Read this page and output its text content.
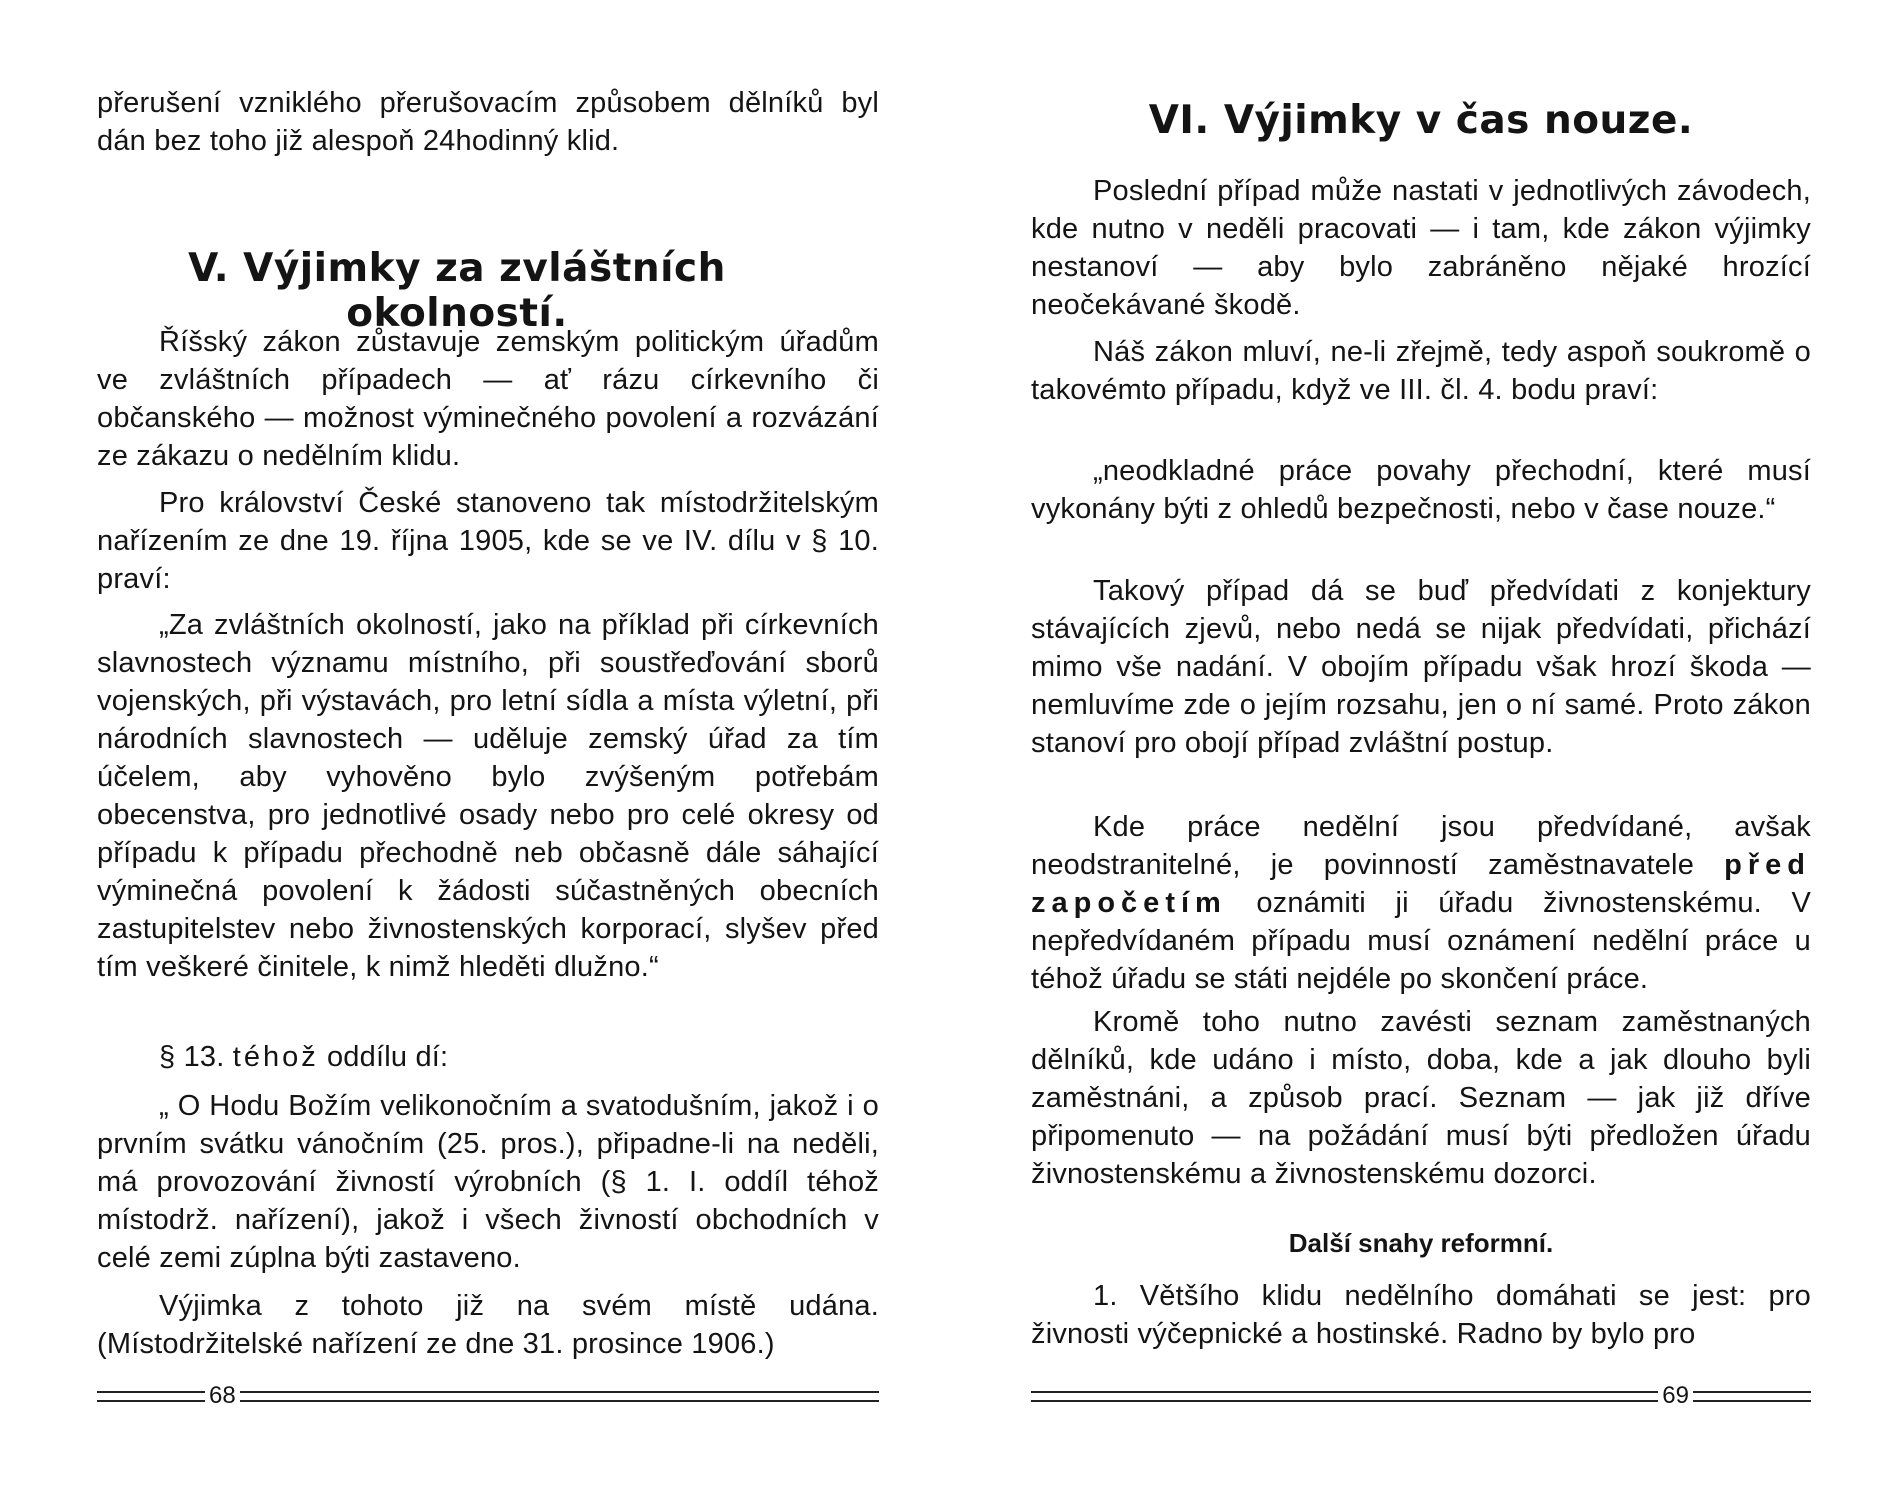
přerušení vzniklého přerušovacím způsobem dělníků byl dán bez toho již alespoň 24hodinný klid.

V. Výjimky za zvláštních okolností.

Říšský zákon zůstavuje zemským politickým úřadům ve zvláštních případech — ať rázu církevního či občanského — možnost výminečného povolení a rozvázání ze zákazu o nedělním klidu.

Pro království České stanoveno tak místodržitelským nařízením ze dne 19. října 1905, kde se ve IV. dílu v § 10. praví:

„Za zvláštních okolností, jako na příklad při církevních slavnostech významu místního, při soustřeďování sborů vojenských, při výstavách, pro letní sídla a místa výletní, při národních slavnostech — uděluje zemský úřad za tím účelem, aby vyhověno bylo zvýšeným potřebám obecenstva, pro jednotlivé osady nebo pro celé okresy od případu k případu přechodně neb občasně dále sáhající výminečná povolení k žádosti súčastněných obecních zastupitelstev nebo živnostenských korporací, slyšev před tím veškeré činitele, k nimž hleděti dlužno.“

§ 13. téhož oddílu dí:

„ O Hodu Božím velikonočním a svatodušním, jakož i o prvním svátku vánočním (25. pros.), připadne-li na neděli, má provozování živností výrobních (§ 1. I. oddíl téhož místodrž. nařízení), jakož i všech živností obchodních v celé zemi zúplna býti zastaveno.

Výjimka z tohoto již na svém místě udána. (Místodržitelské nařízení ze dne 31. prosince 1906.)

68
VI. Výjimky v čas nouze.

Poslední případ může nastati v jednotlivých závodech, kde nutno v neděli pracovati — i tam, kde zákon výjimky nestanoví — aby bylo zabráněno nějaké hrozící neočekávané škodě.

Náš zákon mluví, ne-li zřejmě, tedy aspoň soukromě o takovémto případu, když ve III. čl. 4. bodu praví:

„neodkladné práce povahy přechodní, které musí vykonány býti z ohledů bezpečnosti, nebo v čase nouze.“

Takový případ dá se buď předvídati z konjektury stávajících zjevů, nebo nedá se nijak předvídati, přichází mimo vše nadání. V obojím případu však hrozí škoda — nemluvíme zde o jejím rozsahu, jen o ní samé. Proto zákon stanoví pro obojí případ zvláštní postup.

Kde práce nedělní jsou předvídané, avšak neodstranitelné, je povinností zaměstnavatele před započetím oznámiti ji úřadu živnostenskému. V nepředvídaném případu musí oznámení nedělní práce u téhož úřadu se státi nejdéle po skončení práce.

Kromě toho nutno zavésti seznam zaměstnaných dělníků, kde udáno i místo, doba, kde a jak dlouho byli zaměstnáni, a způsob prací. Seznam — jak již dříve připomenuto — na požádání musí býti předložen úřadu živnostenskému a živnostenskému dozorci.

Další snahy reformní.

1. Většího klidu nedělního domáhati se jest: pro živnosti výčepnické a hostinské. Radno by bylo pro

69
